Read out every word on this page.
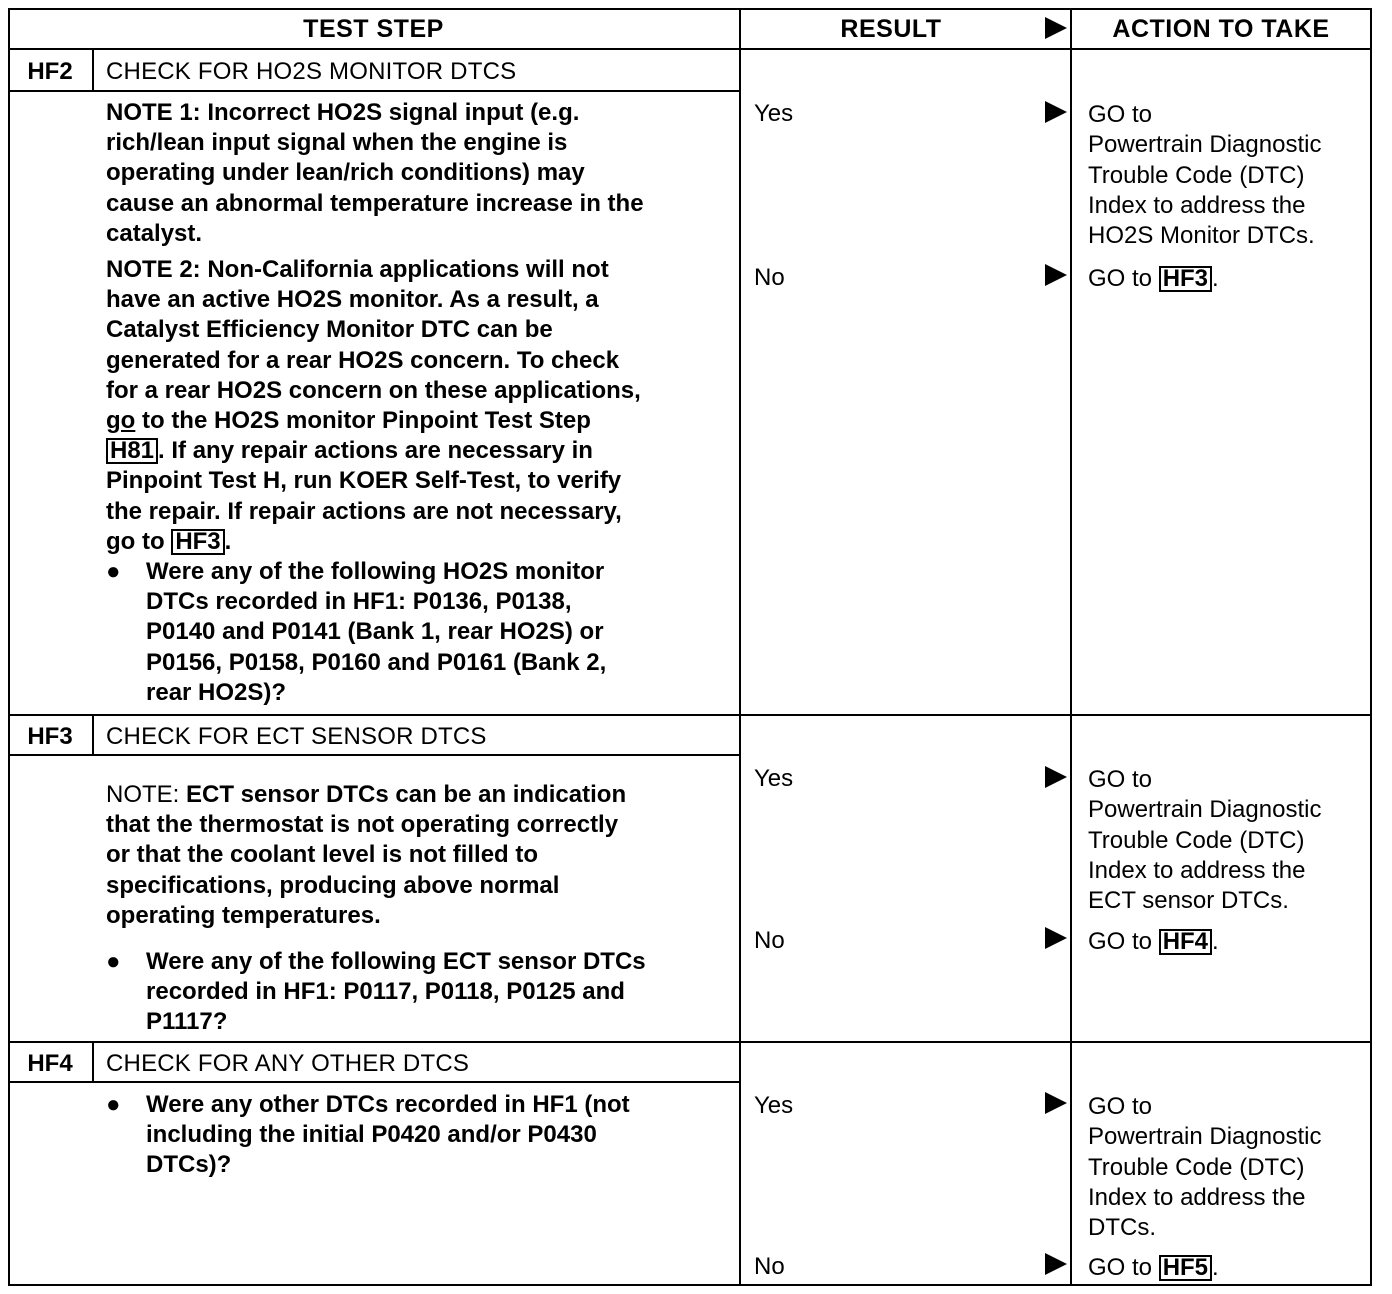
TEST STEP	RESULT	ACTION TO TAKE
HF2	CHECK FOR HO2S MONITOR DTCS
NOTE 1: Incorrect HO2S signal input (e.g.
rich/lean input signal when the engine is
operating under lean/rich conditions) may
cause an abnormal temperature increase in the
catalyst.
NOTE 2: Non-California applications will not
have an active HO2S monitor. As a result, a
Catalyst Efficiency Monitor DTC can be
generated for a rear HO2S concern. To check
for a rear HO2S concern on these applications,
go to the HO2S monitor Pinpoint Test Step
H81 . If any repair actions are necessary in
Pinpoint Test H, run KOER Self-Test, to verify
the repair. If repair actions are not necessary,
go to HF3 .
● Were any of the following HO2S monitor
DTCs recorded in HF1: P0136, P0138,
P0140 and P0141 (Bank 1, rear HO2S) or
P0156, P0158, P0160 and P0161 (Bank 2,
rear HO2S)?
Yes	GO to
Powertrain Diagnostic
Trouble Code (DTC)
Index to address the
HO2S Monitor DTCs.
No	GO to HF3 .
HF3	CHECK FOR ECT SENSOR DTCS
NOTE: ECT sensor DTCs can be an indication
that the thermostat is not operating correctly
or that the coolant level is not filled to
specifications, producing above normal
operating temperatures.
● Were any of the following ECT sensor DTCs
recorded in HF1: P0117, P0118, P0125 and
P1117?
Yes	GO to
Powertrain Diagnostic
Trouble Code (DTC)
Index to address the
ECT sensor DTCs.
No	GO to HF4 .
HF4	CHECK FOR ANY OTHER DTCS
● Were any other DTCs recorded in HF1 (not
including the initial P0420 and/or P0430
DTCs)?
Yes	GO to
Powertrain Diagnostic
Trouble Code (DTC)
Index to address the
DTCs.
No	GO to HF5 .
